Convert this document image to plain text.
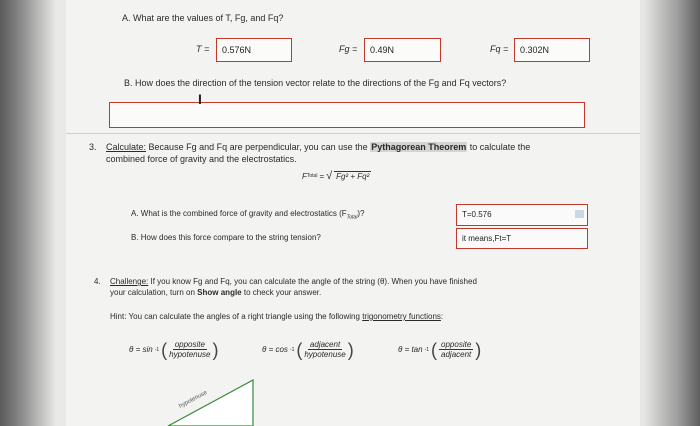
A. What are the values of T, Fg, and Fq?
T = 0.576N	Fg = 0.49N	Fq = 0.302N
B. How does the direction of the tension vector relate to the directions of the Fg and Fq vectors?
I
3. Calculate: Because Fg and Fq are perpendicular, you can use the Pythagorean Theorem to calculate the
combined force of gravity and the electrostatics.
F Total = √ Fg² + Fq²
A. What is the combined force of gravity and electrostatics $(F_{Total})$?	T=0.576
B. How does this force compare to the string tension?	it means,Ft=T
4. Challenge: If you know Fg and Fq, you can calculate the angle of the string (θ). When you have finished
your calculation, turn on Show angle to check your answer.
Hint: You can calculate the angles of a right triangle using the following trigonometry functions:
θ = sin -1 ( $\frac{\text{opposite}}{\text{hypotenuse}}$ )	θ = cos -1 ( $\frac{\text{adjacent}}{\text{hypotenuse}}$ )	θ = tan -1 ( $\frac{\text{opposite}}{\text{adjacent}}$ )
hypotenuse
